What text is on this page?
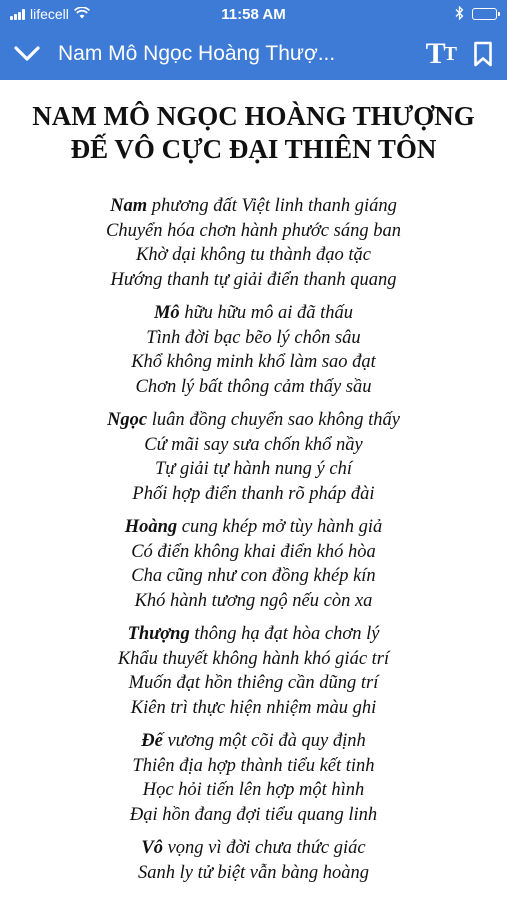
lifecell	11:58 AM
Nam Mô Ngọc Hoàng Thượ...	T T
NAM MÔ NGỌC HOÀNG THƯỢNG
ĐẾ VÔ CỰC ĐẠI THIÊN TÔN
Nam phương đất Việt linh thanh giáng
Chuyển hóa chơn hành phước sáng ban
Khờ dại không tu thành đạo tặc
Hướng thanh tự giải điển thanh quang
Mô hữu hữu mô ai đã thấu
Tình đời bạc bẽo lý chôn sâu
Khổ không minh khổ làm sao đạt
Chơn lý bất thông cảm thấy sầu
Ngọc luân đồng chuyển sao không thấy
Cứ mãi say sưa chốn khổ nầy
Tự giải tự hành nung ý chí
Phối hợp điển thanh rõ pháp đài
Hoàng cung khép mở tùy hành giả
Có điển không khai điển khó hòa
Cha cũng như con đồng khép kín
Khó hành tương ngộ nếu còn xa
Thượng thông hạ đạt hòa chơn lý
Khẩu thuyết không hành khó giác trí
Muốn đạt hồn thiêng cần dũng trí
Kiên trì thực hiện nhiệm màu ghi
Đế vương một cõi đà quy định
Thiên địa hợp thành tiểu kết tinh
Học hỏi tiến lên hợp một hình
Đại hồn đang đợi tiểu quang linh
Vô vọng vì đời chưa thức giác
Sanh ly tử biệt vẫn bàng hoàng
